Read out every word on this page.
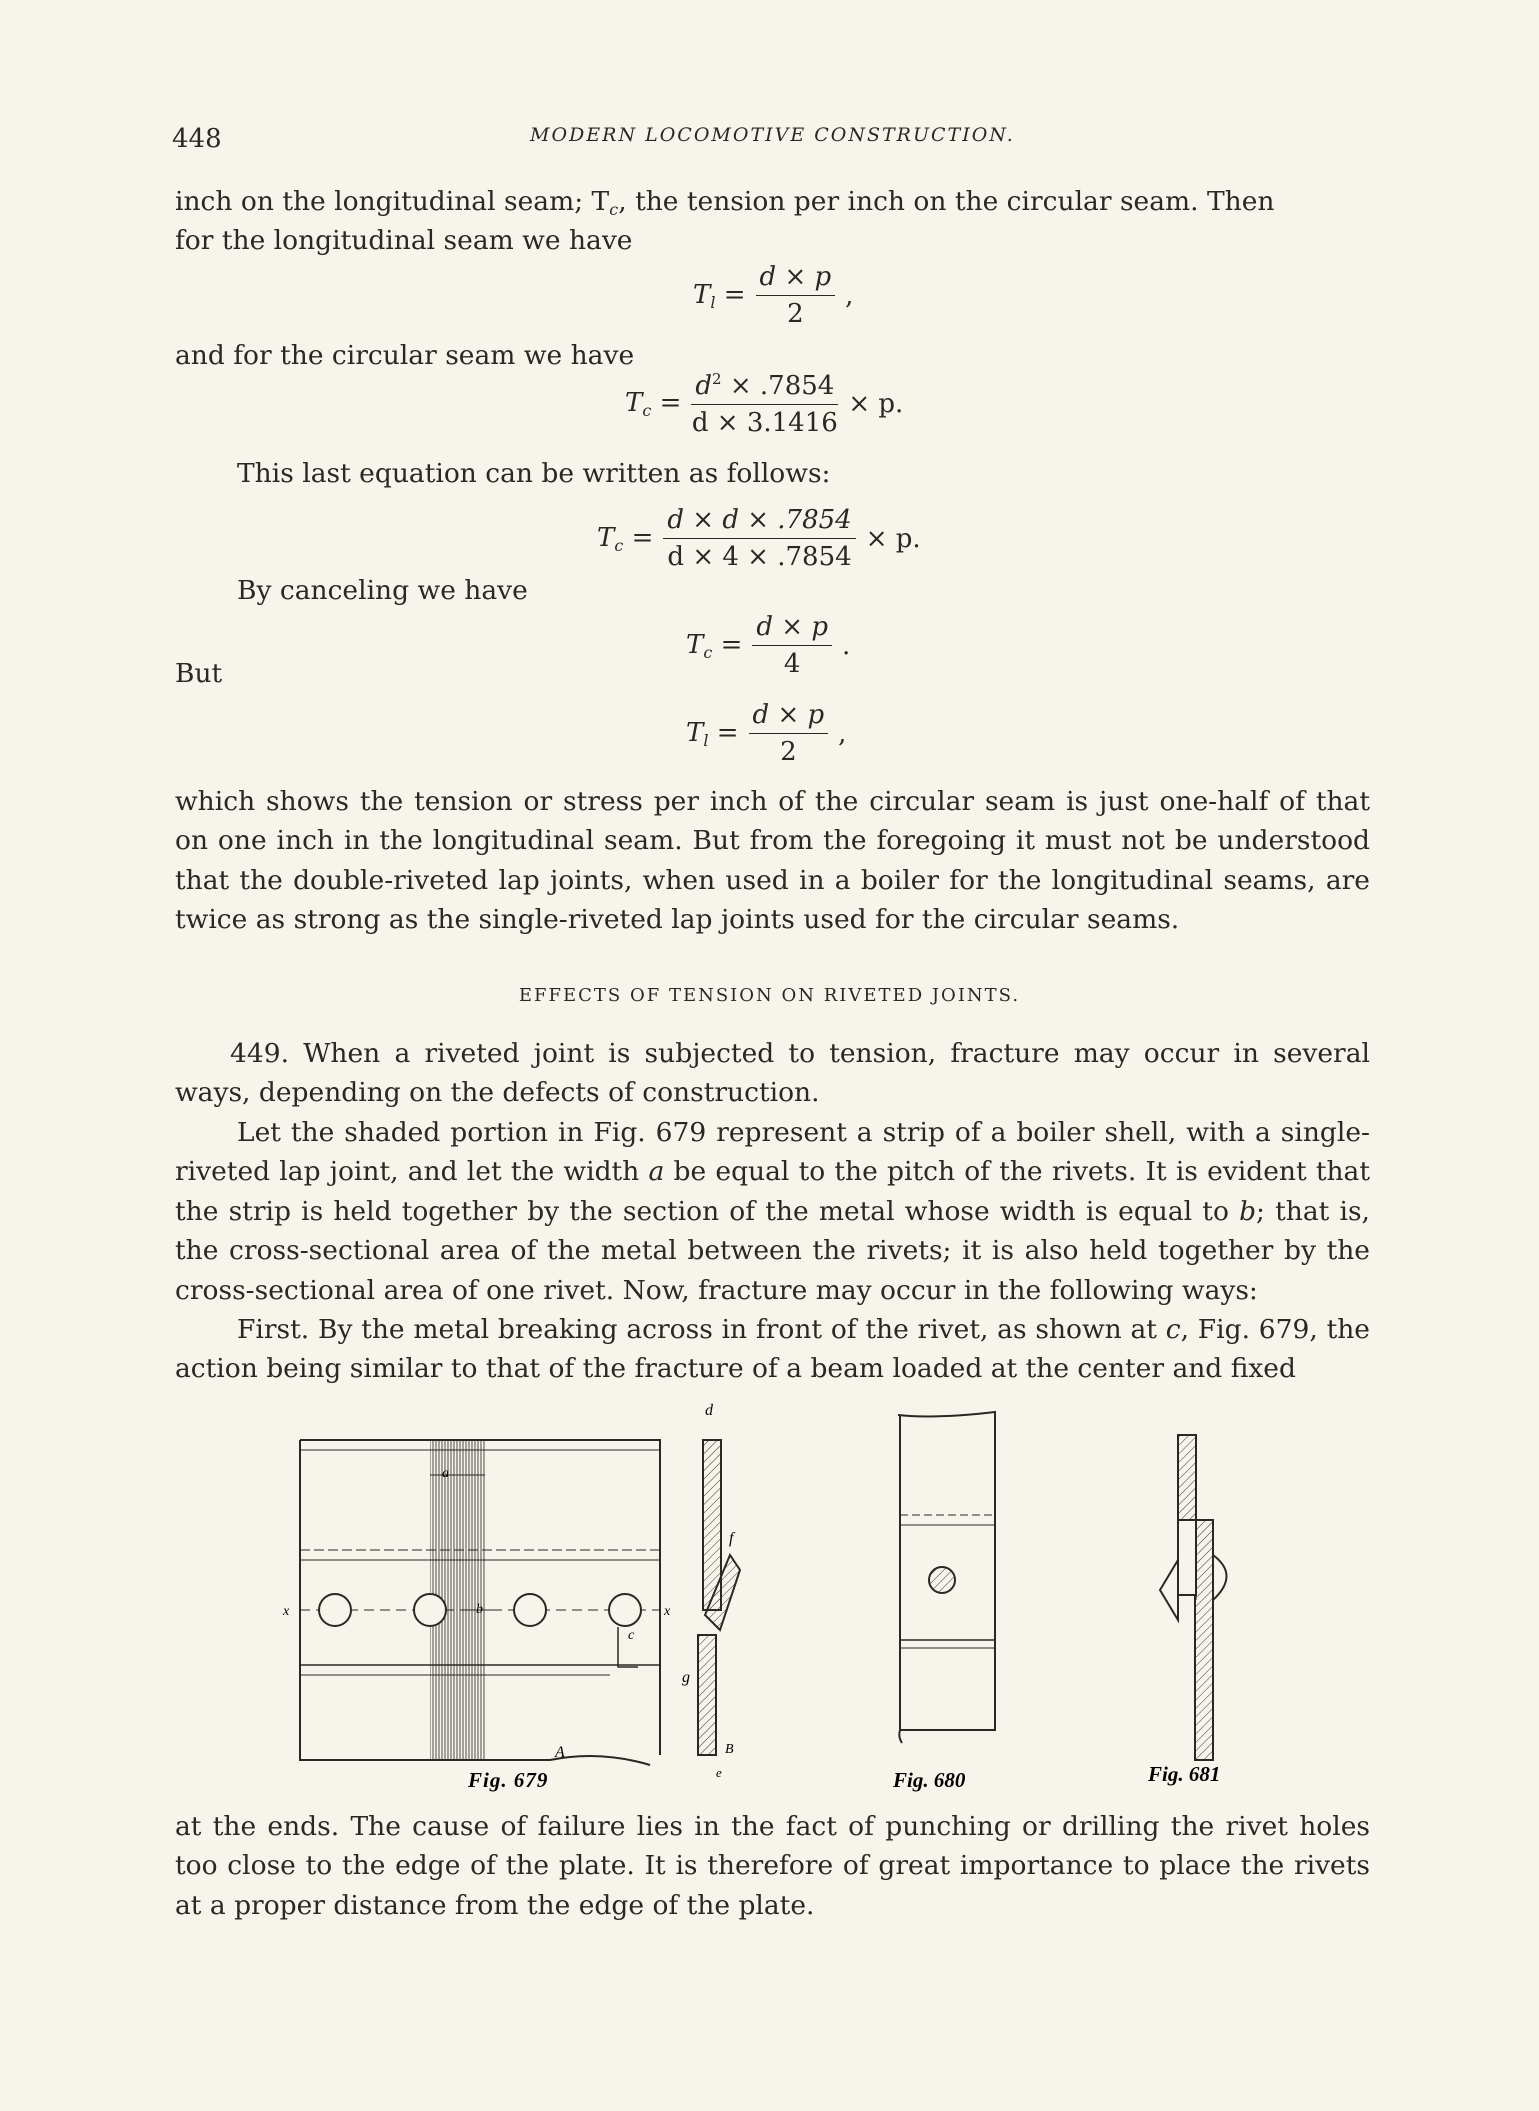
448	MODERN LOCOMOTIVE CONSTRUCTION.
inch on the longitudinal seam; $T_c$, the tension per inch on the circular seam. Then
for the longitudinal seam we have
$T_l = \frac{d \times p}{2}$ ,
and for the circular seam we have
$T_c = \frac{d^2 \times .7854}{d \times 3.1416} \times p$.
This last equation can be written as follows:
$T_c = \frac{d \times d \times .7854}{d \times 4 \times .7854} \times p$.
By canceling we have
$T_c = \frac{d \times p}{4}$ .
But
$T_l = \frac{d \times p}{2}$ ,
which shows the tension or stress per inch of the circular seam is just one-half of that on one inch in the longitudinal seam. But from the foregoing it must not be understood that the double-riveted lap joints, when used in a boiler for the longitudinal seams, are twice as strong as the single-riveted lap joints used for the circular seams.
EFFECTS OF TENSION ON RIVETED JOINTS.
449. When a riveted joint is subjected to tension, fracture may occur in several ways, depending on the defects of construction.
Let the shaded portion in Fig. 679 represent a strip of a boiler shell, with a single-riveted lap joint, and let the width a be equal to the pitch of the rivets. It is evident that the strip is held together by the section of the metal whose width is equal to b; that is, the cross-sectional area of the metal between the rivets; it is also held together by the cross-sectional area of one rivet. Now, fracture may occur in the following ways:
First. By the metal breaking across in front of the rivet, as shown at c, Fig. 679, the action being similar to that of the fracture of a beam loaded at the center and fixed
a
b
c
x	x
A
d
f
g
B
e
Fig. 679	Fig. 680	Fig. 681
at the ends. The cause of failure lies in the fact of punching or drilling the rivet holes too close to the edge of the plate. It is therefore of great importance to place the rivets at a proper distance from the edge of the plate.
